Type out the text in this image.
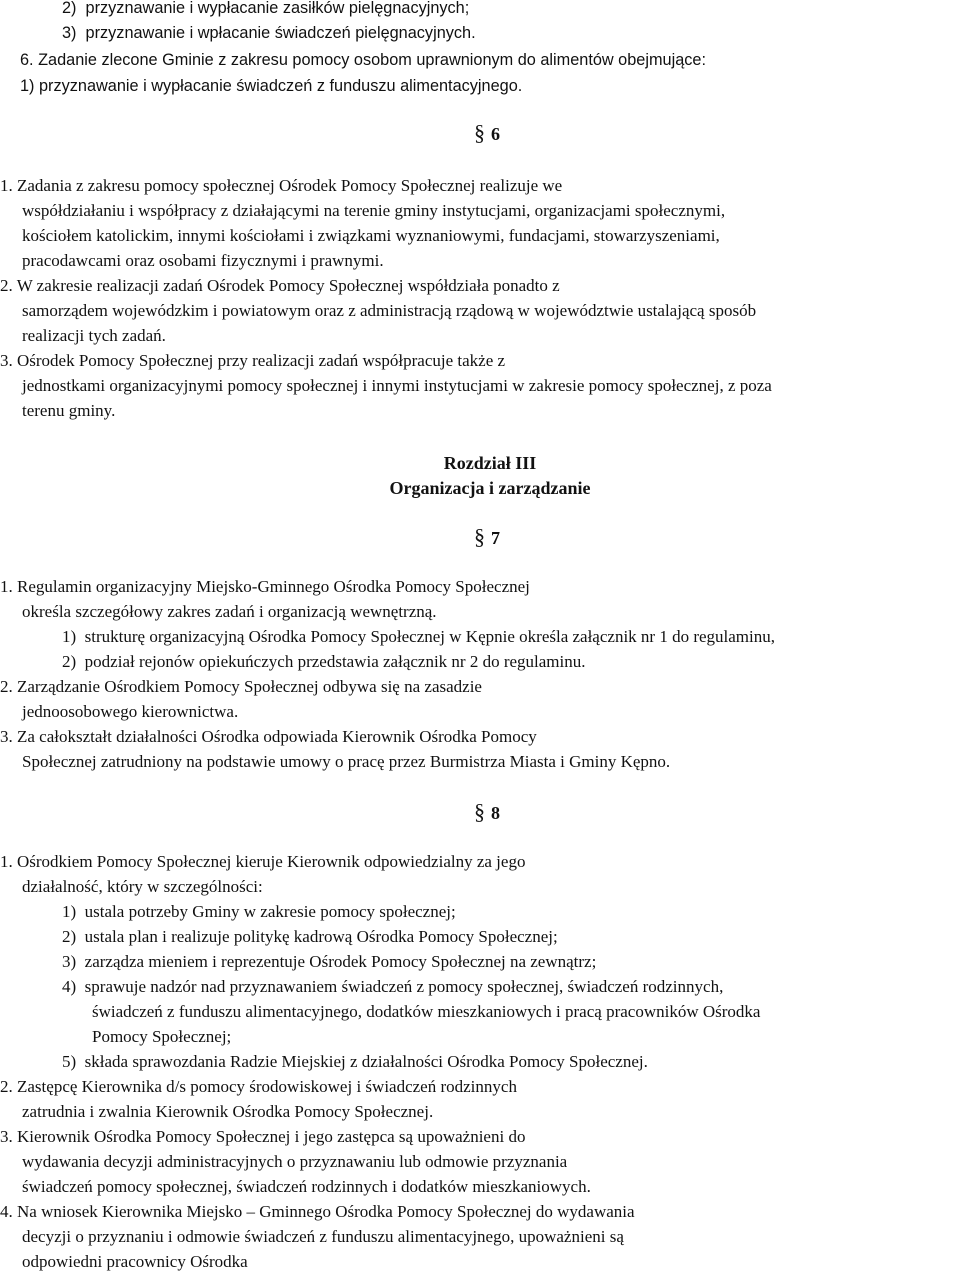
2) przyznawanie i wypłacanie zasiłków pielęgnacyjnych;
3) przyznawanie i wpłacanie świadczeń pielęgnacyjnych.
6. Zadanie zlecone Gminie z zakresu pomocy osobom uprawnionym do alimentów obejmujące:
1) przyznawanie i wypłacanie świadczeń z funduszu alimentacyjnego.
§ 6
1. Zadania z zakresu pomocy społecznej Ośrodek Pomocy Społecznej realizuje we
współdziałaniu i współpracy z działającymi na terenie gminy instytucjami, organizacjami społecznymi,
kościołem katolickim, innymi kościołami i związkami wyznaniowymi, fundacjami, stowarzyszeniami,
pracodawcami oraz osobami fizycznymi i prawnymi.
2. W zakresie realizacji zadań Ośrodek Pomocy Społecznej współdziała ponadto z
samorządem wojewódzkim i powiatowym oraz z administracją rządową w województwie ustalającą sposób
realizacji tych zadań.
3. Ośrodek Pomocy Społecznej przy realizacji zadań współpracuje także z
jednostkami organizacyjnymi pomocy społecznej i innymi instytucjami w zakresie pomocy społecznej, z poza
terenu gminy.
Rozdział III
Organizacja i zarządzanie
§ 7
1. Regulamin organizacyjny Miejsko-Gminnego Ośrodka Pomocy Społecznej
określa szczegółowy zakres zadań i organizacją wewnętrzną.
1) strukturę organizacyjną Ośrodka Pomocy Społecznej w Kępnie określa załącznik nr 1 do regulaminu,
2) podział rejonów opiekuńczych przedstawia załącznik nr 2 do regulaminu.
2. Zarządzanie Ośrodkiem Pomocy Społecznej odbywa się na zasadzie
jednoosobowego kierownictwa.
3. Za całokształt działalności Ośrodka odpowiada Kierownik Ośrodka Pomocy
Społecznej zatrudniony na podstawie umowy o pracę przez Burmistrza Miasta i Gminy Kępno.
§ 8
1. Ośrodkiem Pomocy Społecznej kieruje Kierownik odpowiedzialny za jego
działalność, który w szczególności:
1) ustala potrzeby Gminy w zakresie pomocy społecznej;
2) ustala plan i realizuje politykę kadrową Ośrodka Pomocy Społecznej;
3) zarządza mieniem i reprezentuje Ośrodek Pomocy Społecznej na zewnątrz;
4) sprawuje nadzór nad przyznawaniem świadczeń z pomocy społecznej, świadczeń rodzinnych,
świadczeń z funduszu alimentacyjnego, dodatków mieszkaniowych i pracą pracowników Ośrodka
Pomocy Społecznej;
5) składa sprawozdania Radzie Miejskiej z działalności Ośrodka Pomocy Społecznej.
2. Zastępcę Kierownika d/s pomocy środowiskowej i świadczeń rodzinnych
zatrudnia i zwalnia Kierownik Ośrodka Pomocy Społecznej.
3. Kierownik Ośrodka Pomocy Społecznej i jego zastępca są upoważnieni do
wydawania decyzji administracyjnych o przyznawaniu lub odmowie przyznania
świadczeń pomocy społecznej, świadczeń rodzinnych i dodatków mieszkaniowych.
4. Na wniosek Kierownika Miejsko – Gminnego Ośrodka Pomocy Społecznej do wydawania
decyzji o przyznaniu i odmowie świadczeń z funduszu alimentacyjnego, upoważnieni są
odpowiedni pracownicy Ośrodka
